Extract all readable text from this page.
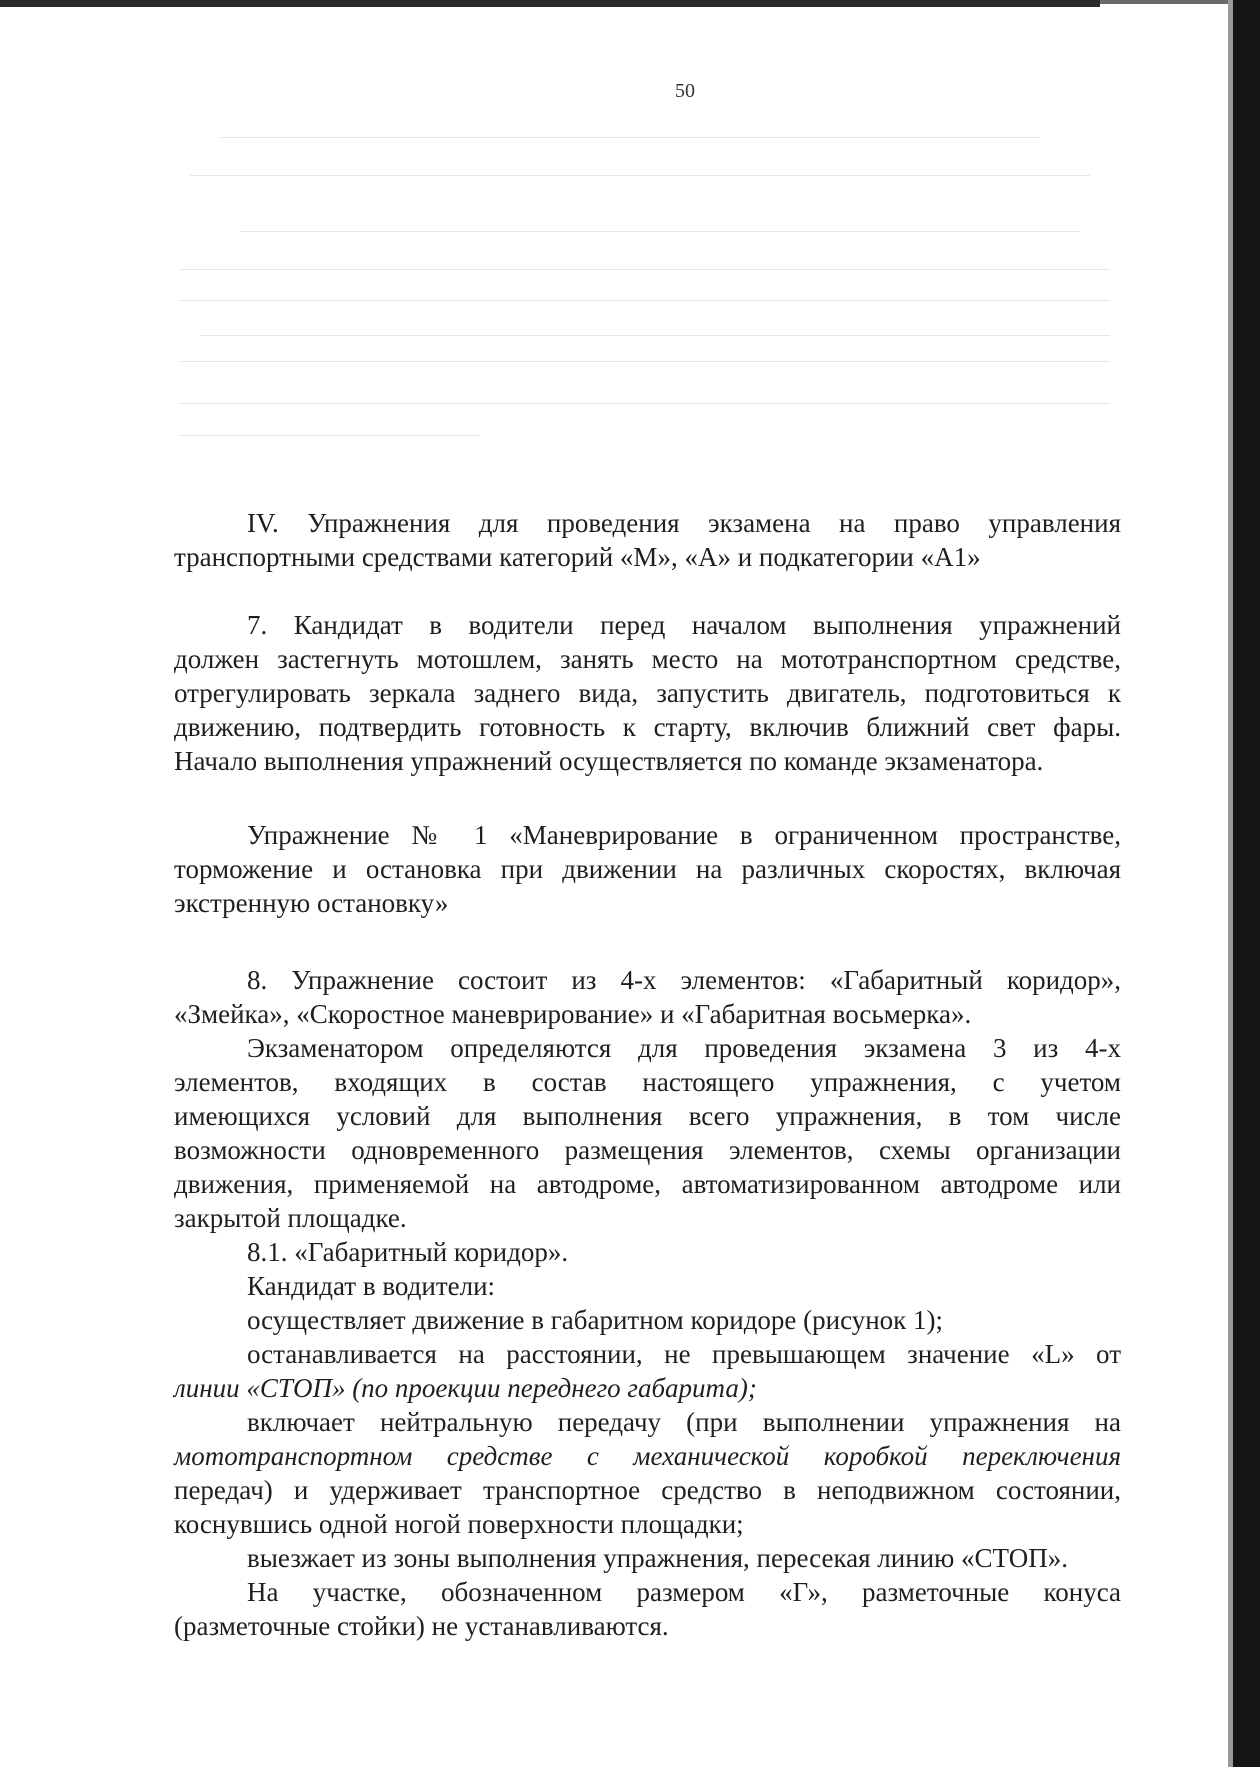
50

IV. Упражнения для проведения экзамена на право управления

транспортными средствами категорий «М», «А» и подкатегории «А1»

7. Кандидат в водители перед началом выполнения упражнений

должен застегнуть мотошлем, занять место на мототранспортном средстве,

отрегулировать зеркала заднего вида, запустить двигатель, подготовиться к

движению, подтвердить готовность к старту, включив ближний свет фары.

Начало выполнения упражнений осуществляется по команде экзаменатора.

Упражнение № 1 «Маневрирование в ограниченном пространстве,

торможение и остановка при движении на различных скоростях, включая

экстренную остановку»

8. Упражнение состоит из 4-х элементов: «Габаритный коридор»,

«Змейка», «Скоростное маневрирование» и «Габаритная восьмерка».

Экзаменатором определяются для проведения экзамена 3 из 4-х

элементов, входящих в состав настоящего упражнения, с учетом

имеющихся условий для выполнения всего упражнения, в том числе

возможности одновременного размещения элементов, схемы организации

движения, применяемой на автодроме, автоматизированном автодроме или

закрытой площадке.

8.1. «Габаритный коридор».

Кандидат в водители:

осуществляет движение в габаритном коридоре (рисунок 1);

останавливается на расстоянии, не превышающем значение «L» от

линии «СТОП» (по проекции переднего габарита);

включает нейтральную передачу (при выполнении упражнения на

мототранспортном средстве с механической коробкой переключения

передач) и удерживает транспортное средство в неподвижном состоянии,

коснувшись одной ногой поверхности площадки;

выезжает из зоны выполнения упражнения, пересекая линию «СТОП».

На участке, обозначенном размером «Г», разметочные конуса

(разметочные стойки) не устанавливаются.
